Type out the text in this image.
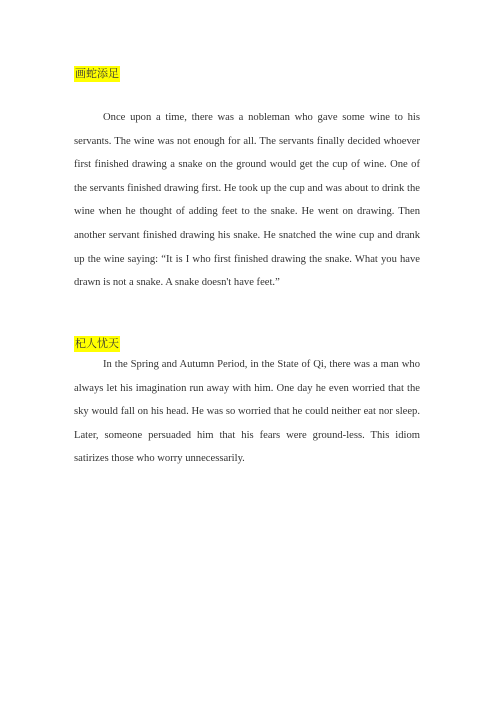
画蛇添足

Once upon a time, there was a nobleman who gave some wine to his servants. The wine was not enough for all. The servants finally decided whoever first finished drawing a snake on the ground would get the cup of wine. One of the servants finished drawing first. He took up the cup and was about to drink the wine when he thought of adding feet to the snake. He went on drawing. Then another servant finished drawing his snake. He snatched the wine cup and drank up the wine saying: “It is I who first finished drawing the snake. What you have drawn is not a snake. A snake doesn't have feet.”

杞人忧天

In the Spring and Autumn Period, in the State of Qi, there was a man who always let his imagination run away with him. One day he even worried that the sky would fall on his head. He was so worried that he could neither eat nor sleep. Later, someone persuaded him that his fears were ground-less. This idiom satirizes those who worry unnecessarily.
